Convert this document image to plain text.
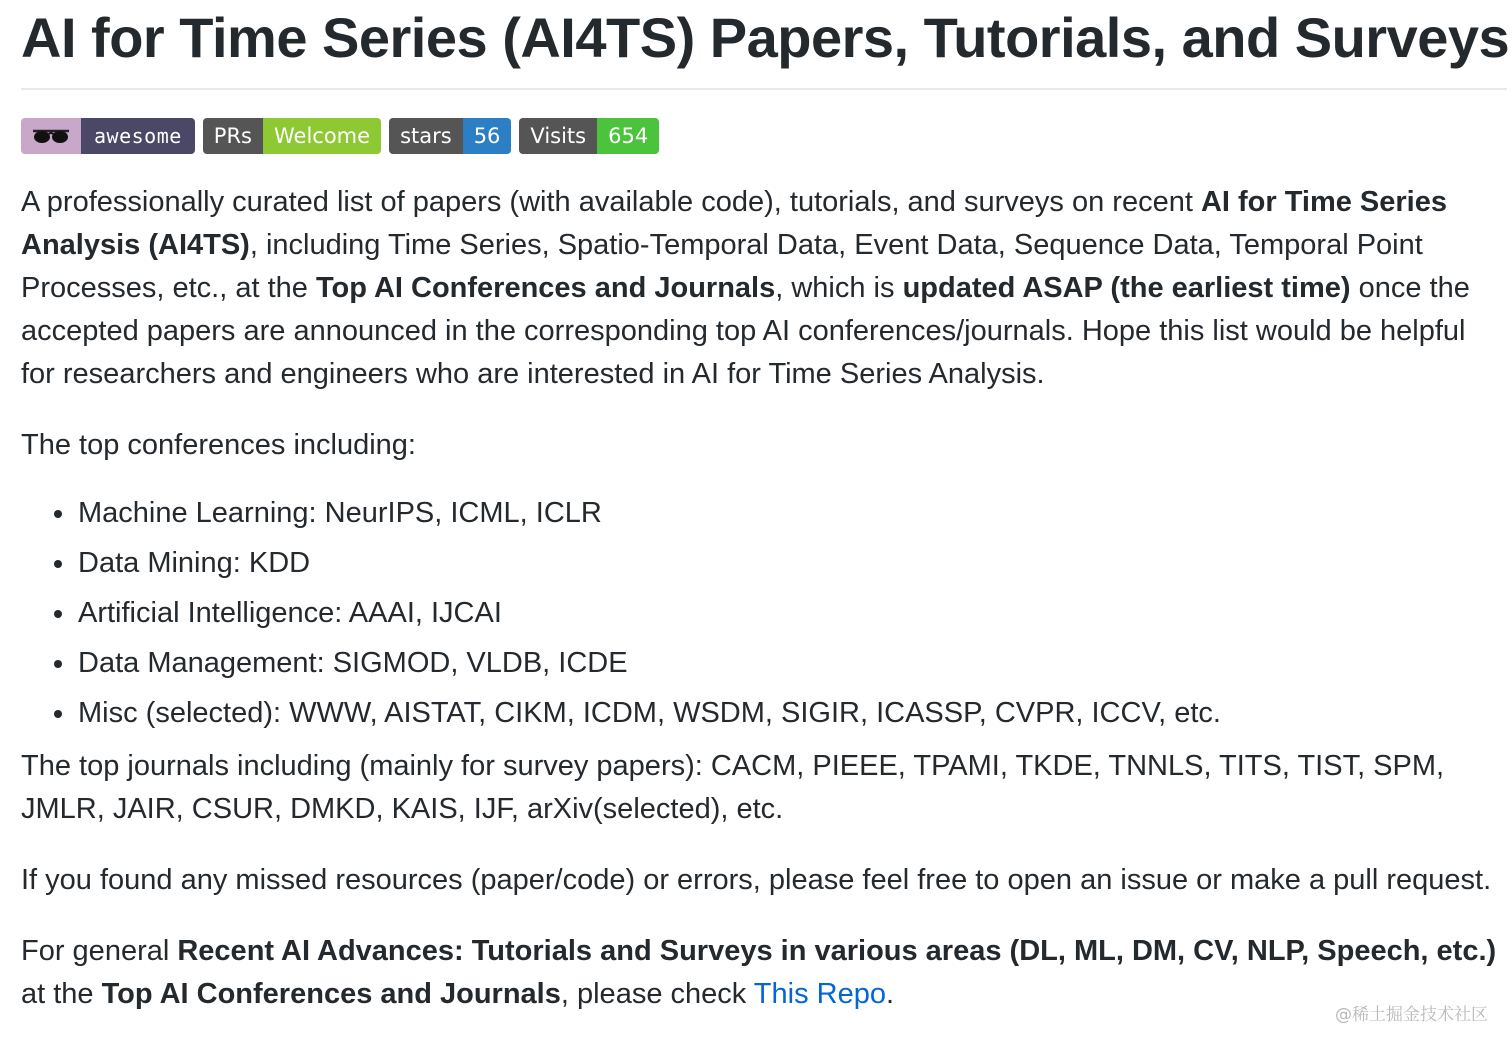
AI for Time Series (AI4TS) Papers, Tutorials, and Surveys
awesome	PRs	Welcome	stars	56	Visits	654

A professionally curated list of papers (with available code), tutorials, and surveys on recent AI for Time Series Analysis (AI4TS), including Time Series, Spatio-Temporal Data, Event Data, Sequence Data, Temporal Point Processes, etc., at the Top AI Conferences and Journals, which is updated ASAP (the earliest time) once the accepted papers are announced in the corresponding top AI conferences/journals. Hope this list would be helpful for researchers and engineers who are interested in AI for Time Series Analysis.

The top conferences including:

Machine Learning: NeurIPS, ICML, ICLR
Data Mining: KDD
Artificial Intelligence: AAAI, IJCAI
Data Management: SIGMOD, VLDB, ICDE
Misc (selected): WWW, AISTAT, CIKM, ICDM, WSDM, SIGIR, ICASSP, CVPR, ICCV, etc.

The top journals including (mainly for survey papers): CACM, PIEEE, TPAMI, TKDE, TNNLS, TITS, TIST, SPM, JMLR, JAIR, CSUR, DMKD, KAIS, IJF, arXiv(selected), etc.

If you found any missed resources (paper/code) or errors, please feel free to open an issue or make a pull request.

For general Recent AI Advances: Tutorials and Surveys in various areas (DL, ML, DM, CV, NLP, Speech, etc.) at the Top AI Conferences and Journals, please check This Repo.

@稀土掘金技术社区
